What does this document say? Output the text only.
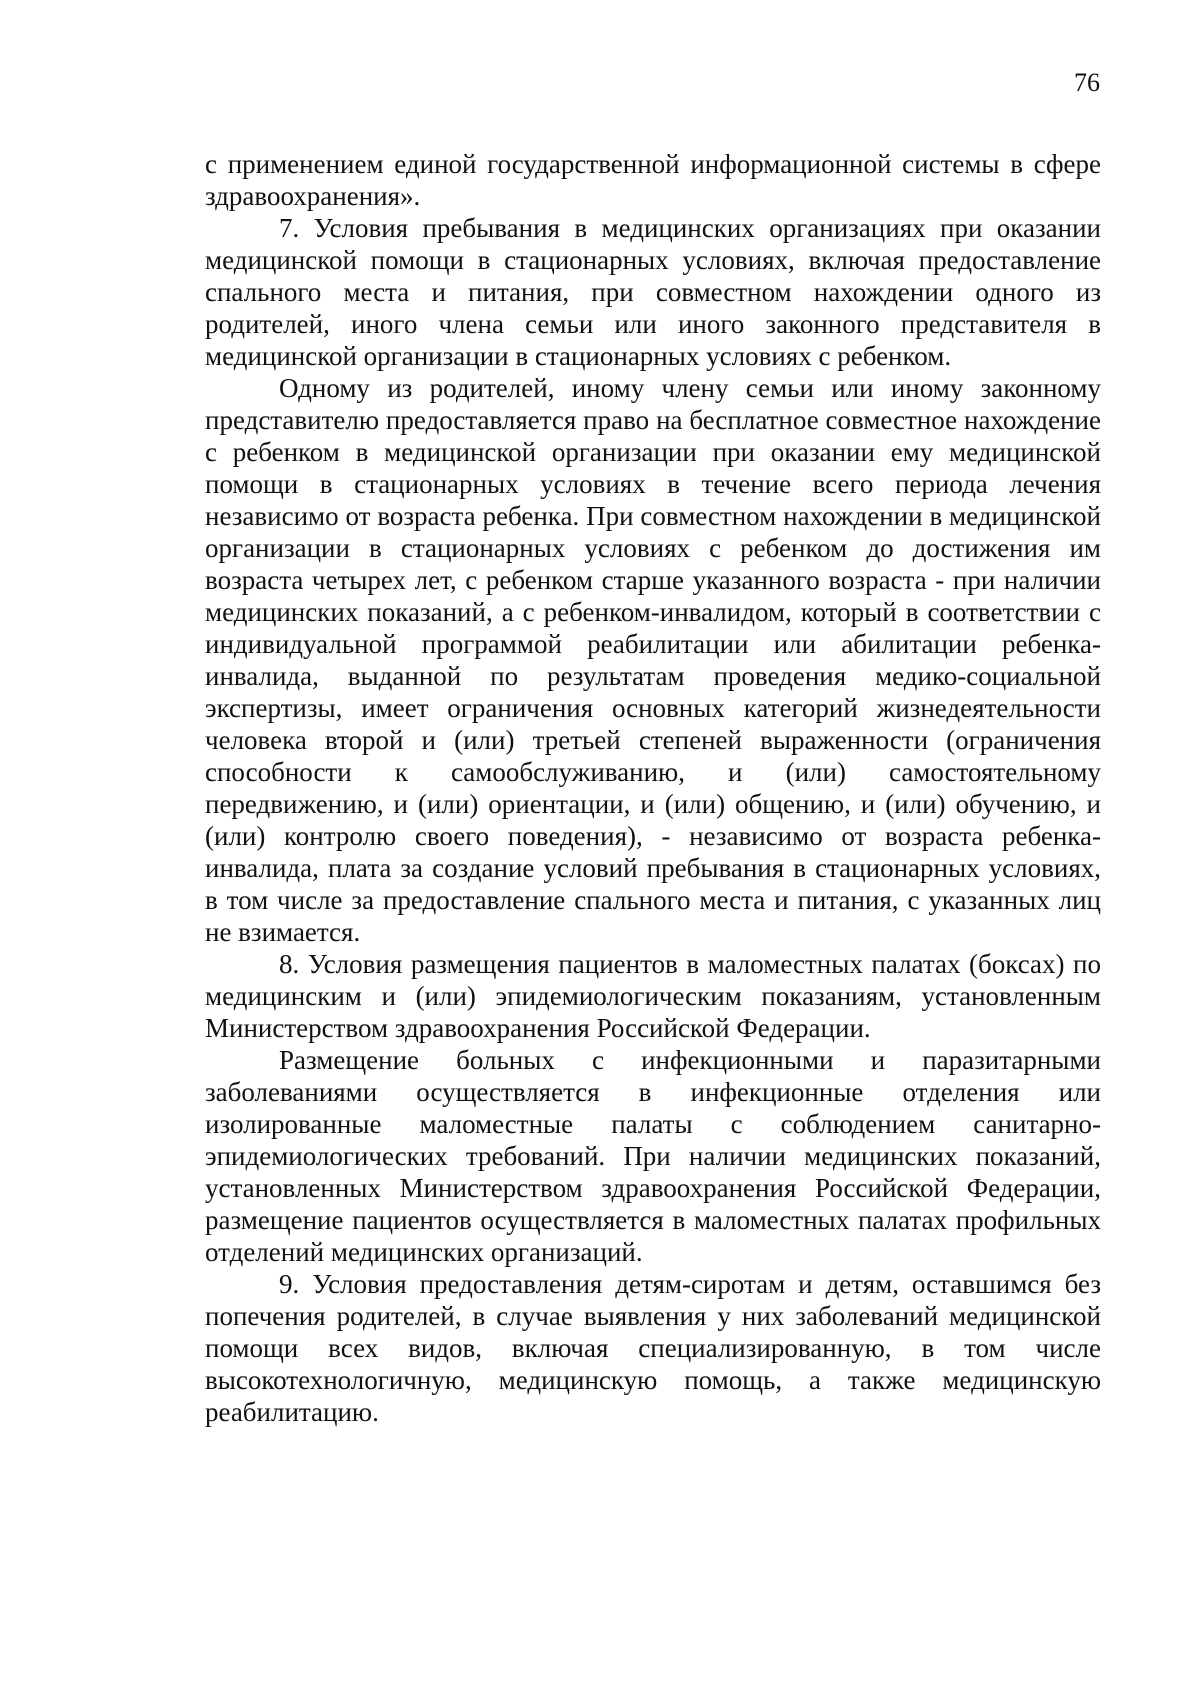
76

с применением единой государственной информационной системы в сфере здравоохранения».

7. Условия пребывания в медицинских организациях при оказании медицинской помощи в стационарных условиях, включая предоставление спального места и питания, при совместном нахождении одного из родителей, иного члена семьи или иного законного представителя в медицинской организации в стационарных условиях с ребенком.

Одному из родителей, иному члену семьи или иному законному представителю предоставляется право на бесплатное совместное нахождение с ребенком в медицинской организации при оказании ему медицинской помощи в стационарных условиях в течение всего периода лечения независимо от возраста ребенка. При совместном нахождении в медицинской организации в стационарных условиях с ребенком до достижения им возраста четырех лет, с ребенком старше указанного возраста - при наличии медицинских показаний, а с ребенком-инвалидом, который в соответствии с индивидуальной программой реабилитации или абилитации ребенка-инвалида, выданной по результатам проведения медико-социальной экспертизы, имеет ограничения основных категорий жизнедеятельности человека второй и (или) третьей степеней выраженности (ограничения способности к самообслуживанию, и (или) самостоятельному передвижению, и (или) ориентации, и (или) общению, и (или) обучению, и (или) контролю своего поведения), - независимо от возраста ребенка-инвалида, плата за создание условий пребывания в стационарных условиях, в том числе за предоставление спального места и питания, с указанных лиц не взимается.

8. Условия размещения пациентов в маломестных палатах (боксах) по медицинским и (или) эпидемиологическим показаниям, установленным Министерством здравоохранения Российской Федерации.

Размещение больных с инфекционными и паразитарными заболеваниями осуществляется в инфекционные отделения или изолированные маломестные палаты с соблюдением санитарно-эпидемиологических требований. При наличии медицинских показаний, установленных Министерством здравоохранения Российской Федерации, размещение пациентов осуществляется в маломестных палатах профильных отделений медицинских организаций.

9. Условия предоставления детям-сиротам и детям, оставшимся без попечения родителей, в случае выявления у них заболеваний медицинской помощи всех видов, включая специализированную, в том числе высокотехнологичную, медицинскую помощь, а также медицинскую реабилитацию.
